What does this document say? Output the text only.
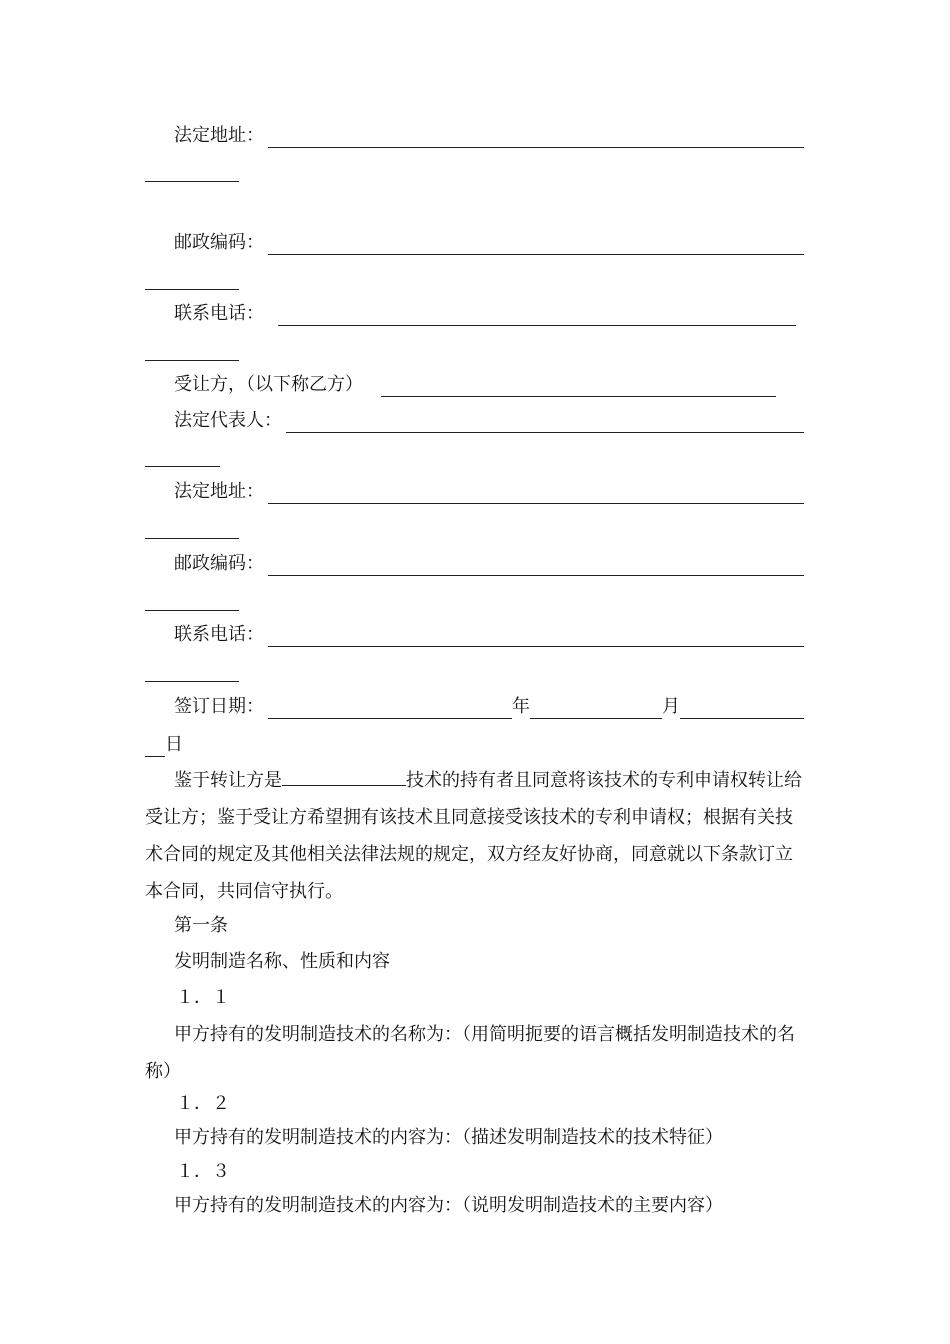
法定地址：
邮政编码：
联系电话：
受让方，（以下称乙方）
法定代表人：
法定地址：
邮政编码：
联系电话：
签订日期：	年	月
日
鉴于转让方是	技术的持有者且同意将该技术的专利申请权转让给受让方；鉴于受让方希望拥有该技术且同意接受该技术的专利申请权；根据有关技术合同的规定及其他相关法律法规的规定，双方经友好协商，同意就以下条款订立本合同，共同信守执行。
第一条
发明制造名称、性质和内容
１．１
甲方持有的发明制造技术的名称为：（用简明扼要的语言概括发明制造技术的名称）
１．２
甲方持有的发明制造技术的内容为：（描述发明制造技术的技术特征）
１．３
甲方持有的发明制造技术的内容为：（说明发明制造技术的主要内容）
